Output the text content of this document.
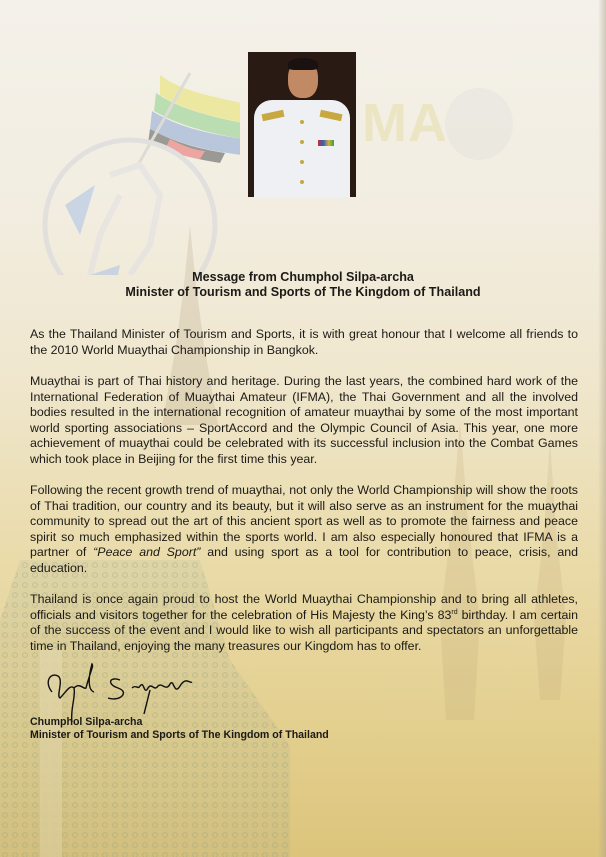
MA
Message from Chumphol Silpa-archa
Minister of Tourism and Sports of The Kingdom of Thailand

As the Thailand Minister of Tourism and Sports, it is with great honour that I welcome all friends to the 2010 World Muaythai Championship in Bangkok.

Muaythai is part of Thai history and heritage. During the last years, the combined hard work of the International Federation of Muaythai Amateur (IFMA), the Thai Government and all the involved bodies resulted in the international recognition of amateur muaythai by some of the most important world sporting associations – SportAccord and the Olympic Council of Asia. This year, one more achievement of muaythai could be celebrated with its successful inclusion into the Combat Games which took place in Beijing for the first time this year.

Following the recent growth trend of muaythai, not only the World Championship will show the roots of Thai tradition, our country and its beauty, but it will also serve as an instrument for the muaythai community to spread out the art of this ancient sport as well as to promote the fairness and peace spirit so much emphasized within the sports world. I am also especially honoured that IFMA is a partner of “Peace and Sport” and using sport as a tool for contribution to peace, crisis, and education.

Thailand is once again proud to host the World Muaythai Championship and to bring all athletes, officials and visitors together for the celebration of His Majesty the King’s 83rd birthday. I am certain of the success of the event and I would like to wish all participants and spectators an unforgettable time in Thailand, enjoying the many treasures our Kingdom has to offer.

Chumphol Silpa-archa
Minister of Tourism and Sports of The Kingdom of Thailand
